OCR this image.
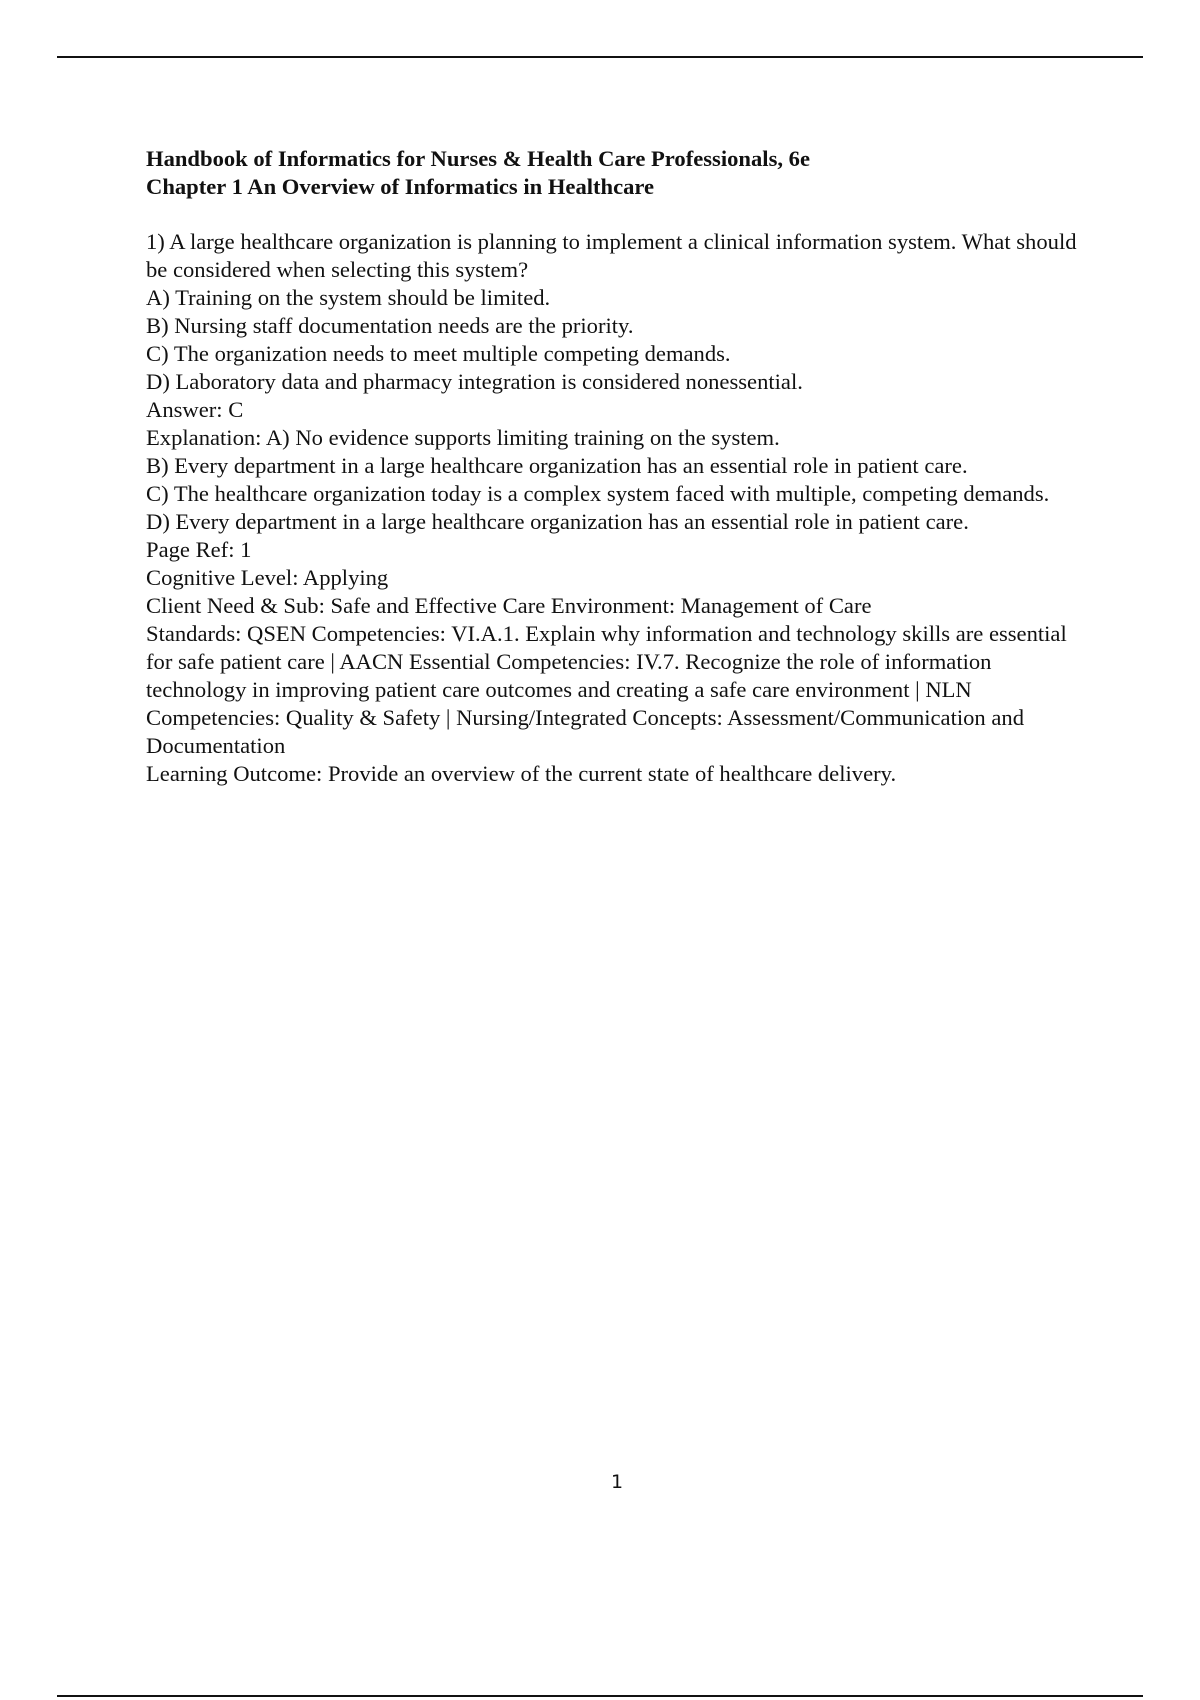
Handbook of Informatics for Nurses & Health Care Professionals, 6e

Chapter 1 An Overview of Informatics in Healthcare

1) A large healthcare organization is planning to implement a clinical information system. What should be considered when selecting this system?

A) Training on the system should be limited.

B) Nursing staff documentation needs are the priority.

C) The organization needs to meet multiple competing demands.

D) Laboratory data and pharmacy integration is considered nonessential.

Answer: C

Explanation: A) No evidence supports limiting training on the system.

B) Every department in a large healthcare organization has an essential role in patient care.

C) The healthcare organization today is a complex system faced with multiple, competing demands.

D) Every department in a large healthcare organization has an essential role in patient care.

Page Ref: 1

Cognitive Level: Applying

Client Need & Sub: Safe and Effective Care Environment: Management of Care

Standards: QSEN Competencies: VI.A.1. Explain why information and technology skills are essential for safe patient care | AACN Essential Competencies: IV.7. Recognize the role of information technology in improving patient care outcomes and creating a safe care environment | NLN Competencies: Quality & Safety | Nursing/Integrated Concepts: Assessment/Communication and Documentation

Learning Outcome: Provide an overview of the current state of healthcare delivery.

1
